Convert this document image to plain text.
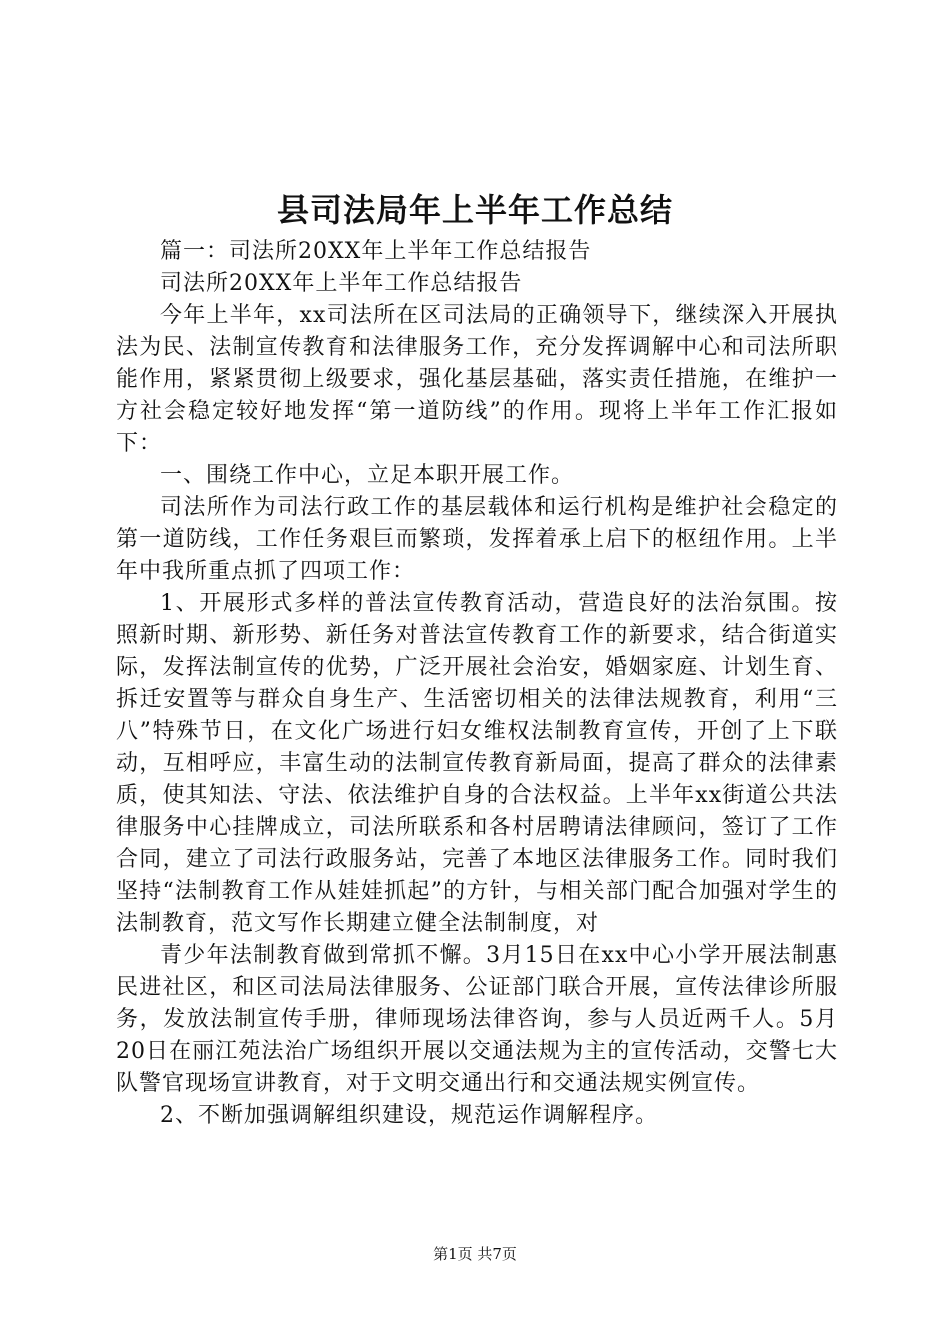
县司法局年上半年工作总结

篇一：司法所20XX年上半年工作总结报告

司法所20XX年上半年工作总结报告

今年上半年，xx司法所在区司法局的正确领导下，继续深入开展执法为民、法制宣传教育和法律服务工作，充分发挥调解中心和司法所职能作用，紧紧贯彻上级要求，强化基层基础，落实责任措施，在维护一方社会稳定较好地发挥“第一道防线”的作用。现将上半年工作汇报如下：

一、围绕工作中心，立足本职开展工作。

司法所作为司法行政工作的基层载体和运行机构是维护社会稳定的第一道防线，工作任务艰巨而繁琐，发挥着承上启下的枢纽作用。上半年中我所重点抓了四项工作：

1、开展形式多样的普法宣传教育活动，营造良好的法治氛围。按照新时期、新形势、新任务对普法宣传教育工作的新要求，结合街道实际，发挥法制宣传的优势，广泛开展社会治安，婚姻家庭、计划生育、拆迁安置等与群众自身生产、生活密切相关的法律法规教育，利用“三八”特殊节日，在文化广场进行妇女维权法制教育宣传，开创了上下联动，互相呼应，丰富生动的法制宣传教育新局面，提高了群众的法律素质，使其知法、守法、依法维护自身的合法权益。上半年xx街道公共法律服务中心挂牌成立，司法所联系和各村居聘请法律顾问，签订了工作合同，建立了司法行政服务站，完善了本地区法律服务工作。同时我们坚持“法制教育工作从娃娃抓起”的方针，与相关部门配合加强对学生的法制教育，范文写作长期建立健全法制制度，对

青少年法制教育做到常抓不懈。3月15日在xx中心小学开展法制惠民进社区，和区司法局法律服务、公证部门联合开展，宣传法律诊所服务，发放法制宣传手册，律师现场法律咨询，参与人员近两千人。5月20日在丽江苑法治广场组织开展以交通法规为主的宣传活动，交警七大队警官现场宣讲教育，对于文明交通出行和交通法规实例宣传。

2、不断加强调解组织建设，规范运作调解程序。

第1页 共7页
